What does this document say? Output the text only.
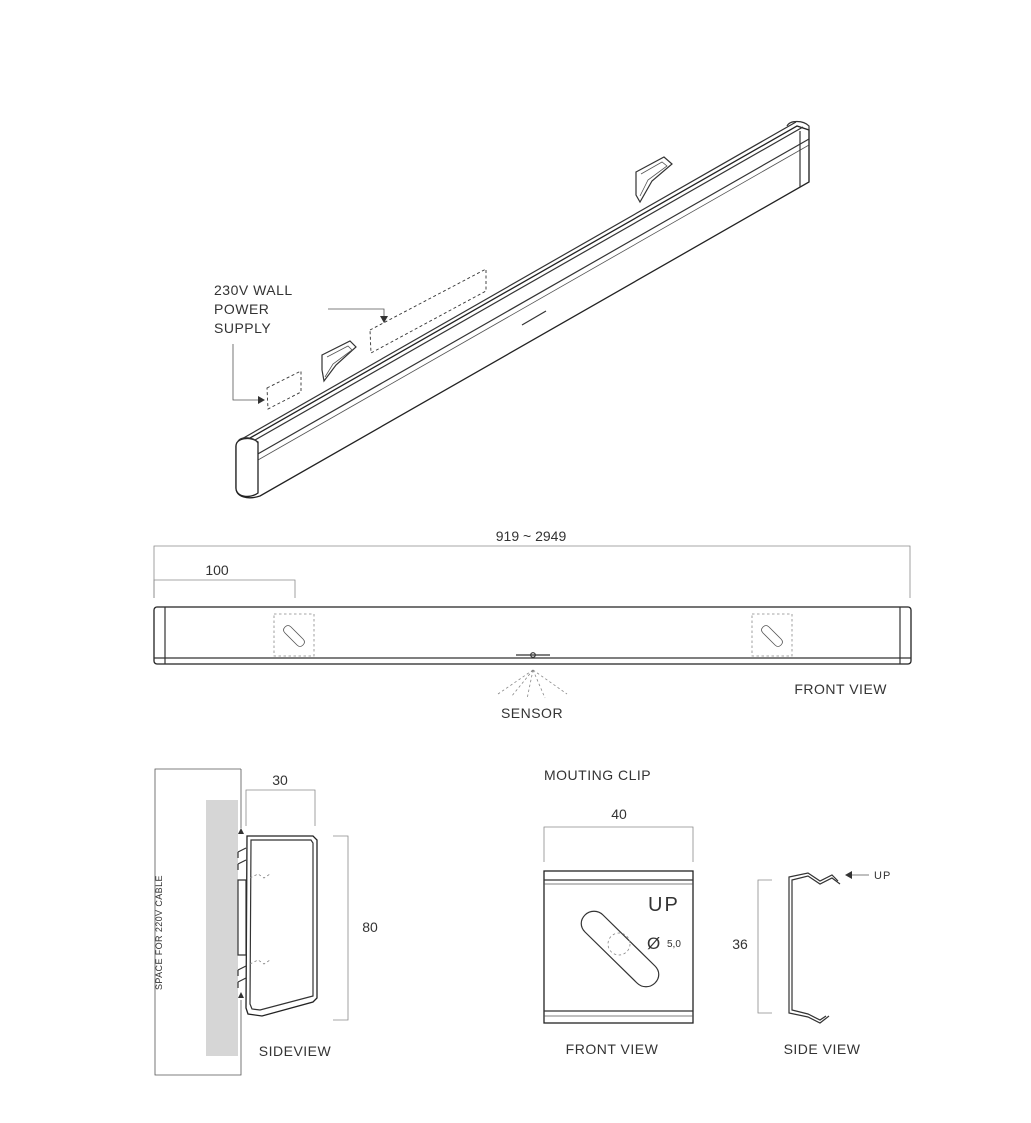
230V WALL
POWER
SUPPLY
919 ~ 2949
100
SENSOR
FRONT VIEW
SPACE FOR 220V CABLE
30
80
SIDEVIEW
MOUTING CLIP
40
UP
Ø 5,0
FRONT VIEW
36
UP
SIDE VIEW
